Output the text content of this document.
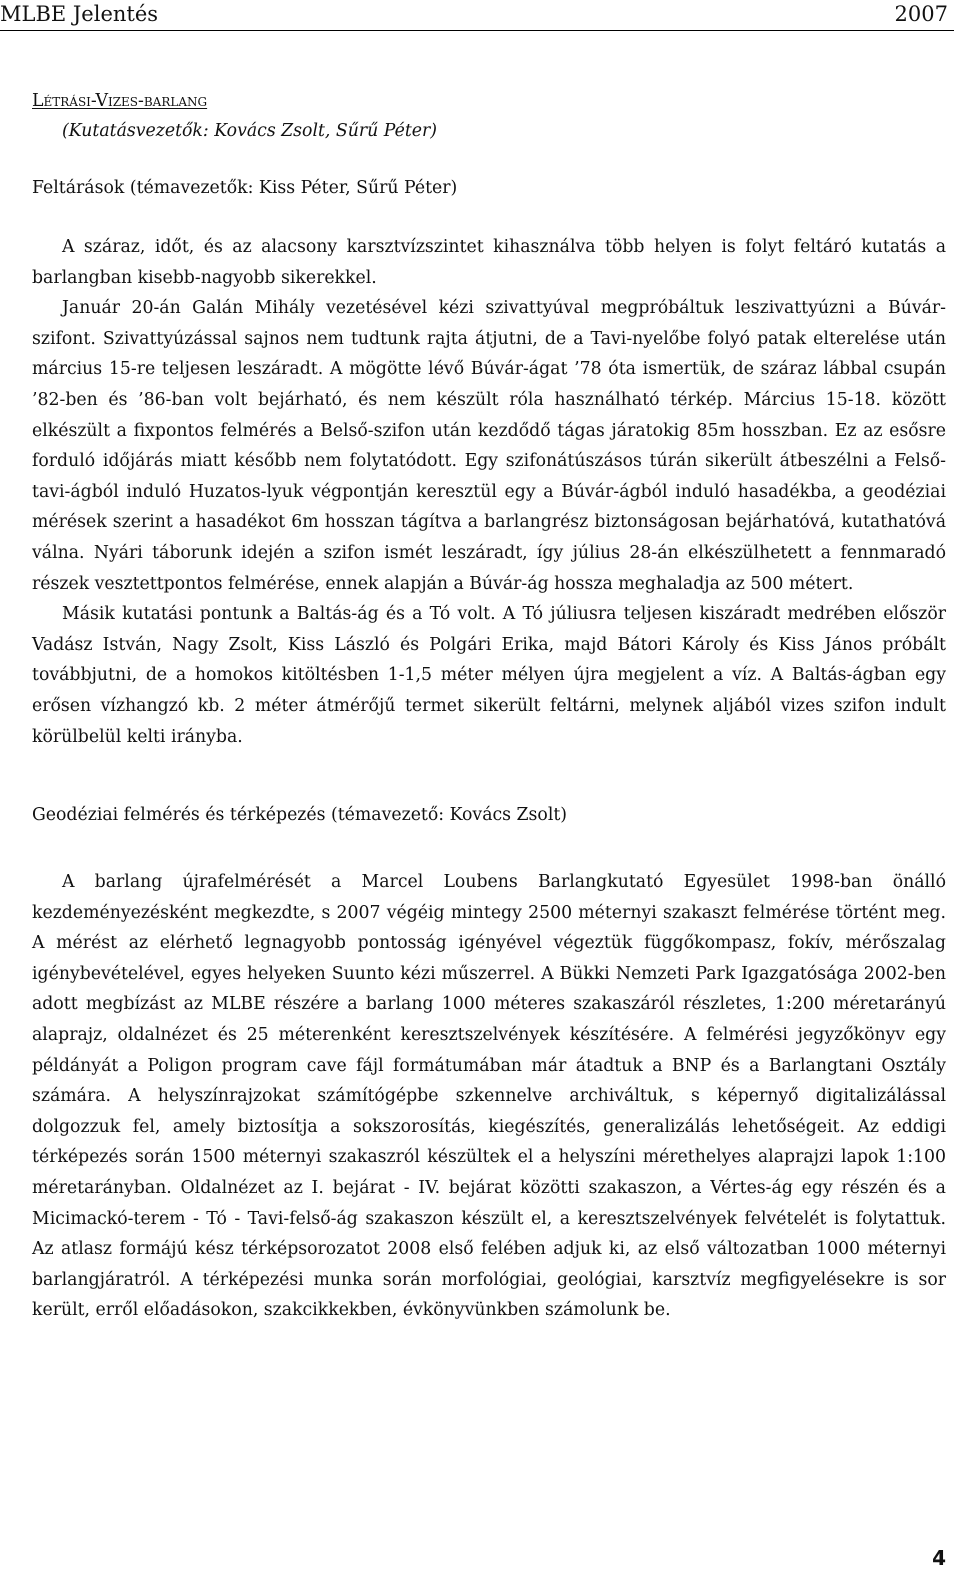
MLBE Jelentés	2007

Létrási-Vizes-barlang

(Kutatásvezetők: Kovács Zsolt, Sűrű Péter)

Feltárások (témavezetők: Kiss Péter, Sűrű Péter)

A száraz, időt, és az alacsony karsztvízszintet kihasználva több helyen is folyt feltáró kutatás a barlangban kisebb-nagyobb sikerekkel.

Január 20-án Galán Mihály vezetésével kézi szivattyúval megpróbáltuk leszivattyúzni a Búvár-szifont. Szivattyúzással sajnos nem tudtunk rajta átjutni, de a Tavi-nyelőbe folyó patak elterelése után március 15-re teljesen leszáradt. A mögötte lévő Búvár-ágat ’78 óta ismertük, de száraz lábbal csupán ’82-ben és ’86-ban volt bejárható, és nem készült róla használható térkép. Március 15-18. között elkészült a fixpontos felmérés a Belső-szifon után kezdődő tágas járatokig 85m hosszban. Ez az esősre forduló időjárás miatt később nem folytatódott. Egy szifonátúszásos túrán sikerült átbeszélni a Felső-tavi-ágból induló Huzatos-lyuk végpontján keresztül egy a Búvár-ágból induló hasadékba, a geodéziai mérések szerint a hasadékot 6m hosszan tágítva a barlangrész biztonságosan bejárhatóvá, kutathatóvá válna. Nyári táborunk idején a szifon ismét leszáradt, így július 28-án elkészülhetett a fennmaradó részek vesztettpontos felmérése, ennek alapján a Búvár-ág hossza meghaladja az 500 métert.

Másik kutatási pontunk a Baltás-ág és a Tó volt. A Tó júliusra teljesen kiszáradt medrében először Vadász István, Nagy Zsolt, Kiss László és Polgári Erika, majd Bátori Károly és Kiss János próbált továbbjutni, de a homokos kitöltésben 1-1,5 méter mélyen újra megjelent a víz. A Baltás-ágban egy erősen vízhangzó kb. 2 méter átmérőjű termet sikerült feltárni, melynek aljából vizes szifon indult körülbelül kelti irányba.

Geodéziai felmérés és térképezés (témavezető: Kovács Zsolt)

A barlang újrafelmérését a Marcel Loubens Barlangkutató Egyesület 1998-ban önálló kezdeményezésként megkezdte, s 2007 végéig mintegy 2500 méternyi szakaszt felmérése történt meg. A mérést az elérhető legnagyobb pontosság igényével végeztük függőkompasz, fokív, mérőszalag igénybevételével, egyes helyeken Suunto kézi műszerrel. A Bükki Nemzeti Park Igazgatósága 2002-ben adott megbízást az MLBE részére a barlang 1000 méteres szakaszáról részletes, 1:200 méretarányú alaprajz, oldalnézet és 25 méterenként keresztszelvények készítésére. A felmérési jegyzőkönyv egy példányát a Poligon program cave fájl formátumában már átadtuk a BNP és a Barlangtani Osztály számára. A helyszínrajzokat számítógépbe szkennelve archiváltuk, s képernyő digitalizálással dolgozzuk fel, amely biztosítja a sokszorosítás, kiegészítés, generalizálás lehetőségeit. Az eddigi térképezés során 1500 méternyi szakaszról készültek el a helyszíni mérethelyes alaprajzi lapok 1:100 méretarányban. Oldalnézet az I. bejárat - IV. bejárat közötti szakaszon, a Vértes-ág egy részén és a Micimackó-terem - Tó - Tavi-felső-ág szakaszon készült el, a keresztszelvények felvételét is folytattuk. Az atlasz formájú kész térképsorozatot 2008 első felében adjuk ki, az első változatban 1000 méternyi barlangjáratról. A térképezési munka során morfológiai, geológiai, karsztvíz megfigyelésekre is sor került, erről előadásokon, szakcikkekben, évkönyvünkben számolunk be.

4
